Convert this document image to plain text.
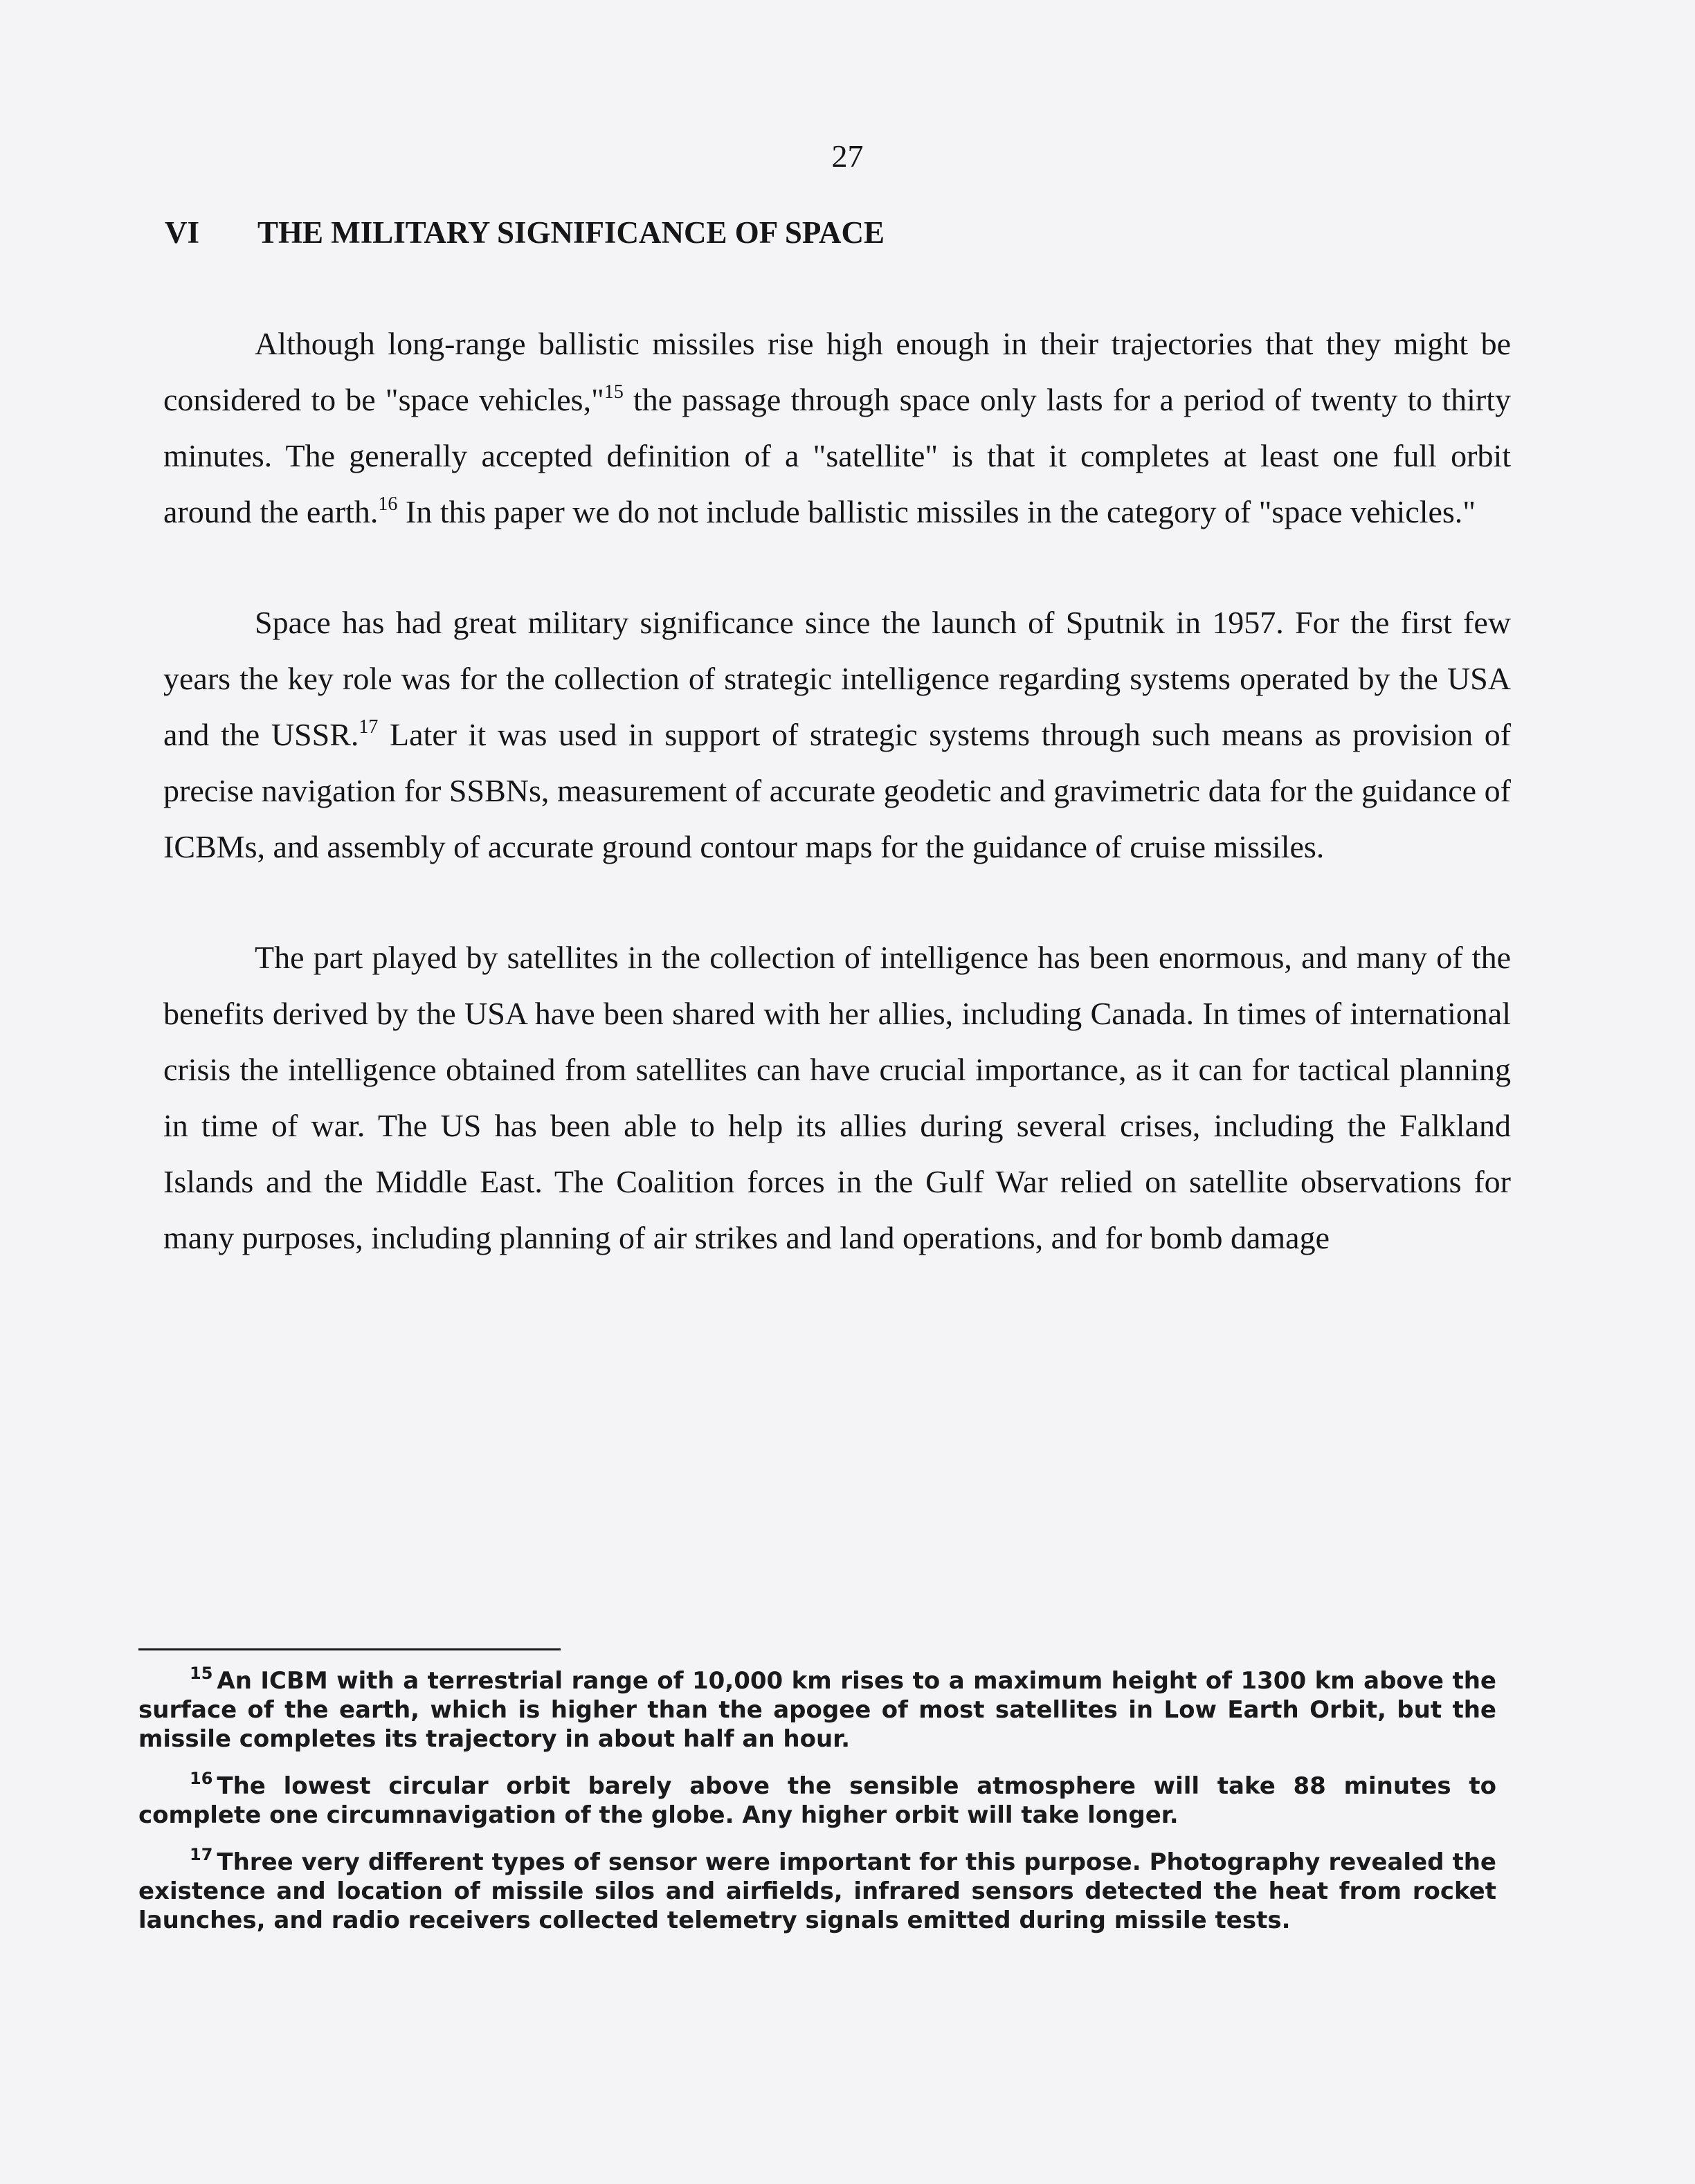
27
VI THE MILITARY SIGNIFICANCE OF SPACE

Although long-range ballistic missiles rise high enough in their trajectories that they might be considered to be "space vehicles,"$^{15}$ the passage through space only lasts for a period of twenty to thirty minutes. The generally accepted definition of a "satellite" is that it completes at least one full orbit around the earth.$^{16}$ In this paper we do not include ballistic missiles in the category of "space vehicles."

Space has had great military significance since the launch of Sputnik in 1957. For the first few years the key role was for the collection of strategic intelligence regarding systems operated by the USA and the USSR.$^{17}$ Later it was used in support of strategic systems through such means as provision of precise navigation for SSBNs, measurement of accurate geodetic and gravimetric data for the guidance of ICBMs, and assembly of accurate ground contour maps for the guidance of cruise missiles.

The part played by satellites in the collection of intelligence has been enormous, and many of the benefits derived by the USA have been shared with her allies, including Canada. In times of international crisis the intelligence obtained from satellites can have crucial importance, as it can for tactical planning in time of war. The US has been able to help its allies during several crises, including the Falkland Islands and the Middle East. The Coalition forces in the Gulf War relied on satellite observations for many purposes, including planning of air strikes and land operations, and for bomb damage

$^{15}$ An ICBM with a terrestrial range of 10,000 km rises to a maximum height of 1300 km above the surface of the earth, which is higher than the apogee of most satellites in Low Earth Orbit, but the missile completes its trajectory in about half an hour.

$^{16}$ The lowest circular orbit barely above the sensible atmosphere will take 88 minutes to complete one circumnavigation of the globe. Any higher orbit will take longer.

$^{17}$ Three very different types of sensor were important for this purpose. Photography revealed the existence and location of missile silos and airfields, infrared sensors detected the heat from rocket launches, and radio receivers collected telemetry signals emitted during missile tests.
